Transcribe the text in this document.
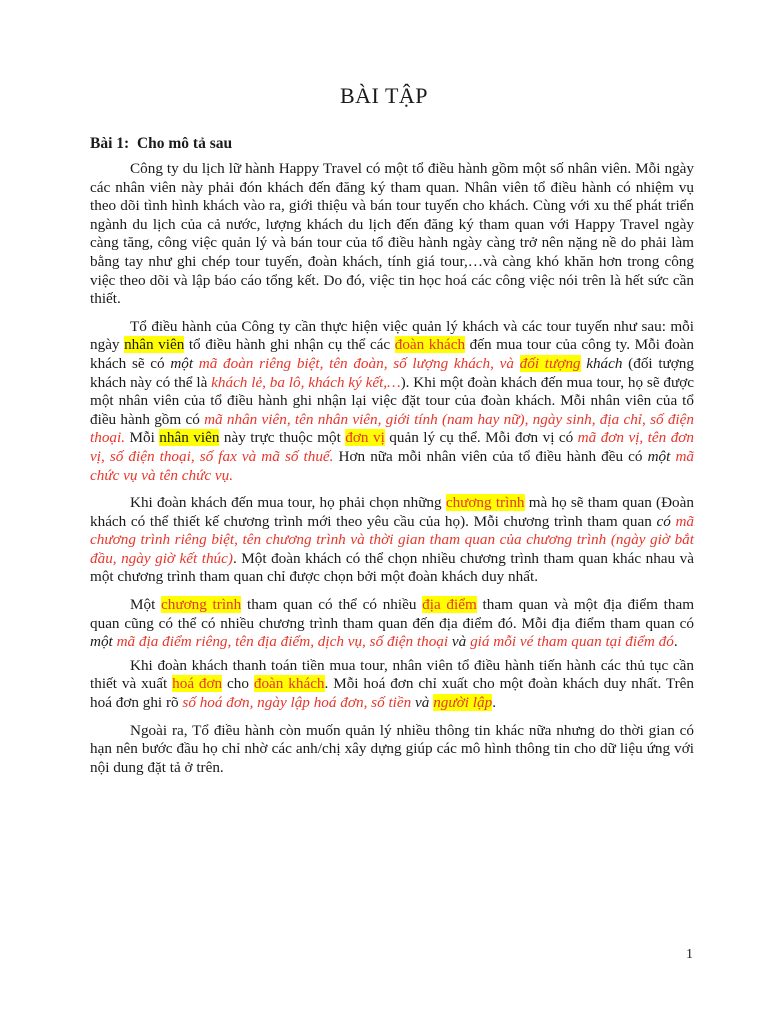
BÀI TẬP
Bài 1: Cho mô tả sau

Công ty du lịch lữ hành Happy Travel có một tổ điều hành gồm một số nhân viên. Mỗi ngày các nhân viên này phải đón khách đến đăng ký tham quan. Nhân viên tổ điều hành có nhiệm vụ theo dõi tình hình khách vào ra, giới thiệu và bán tour tuyến cho khách. Cùng với xu thế phát triển ngành du lịch của cả nước, lượng khách du lịch đến đăng ký tham quan với Happy Travel ngày càng tăng, công việc quản lý và bán tour của tổ điều hành ngày càng trở nên nặng nề do phải làm bằng tay như ghi chép tour tuyến, đoàn khách, tính giá tour,…và càng khó khăn hơn trong công việc theo dõi và lập báo cáo tổng kết. Do đó, việc tin học hoá các công việc nói trên là hết sức cần thiết.

Tổ điều hành của Công ty cần thực hiện việc quản lý khách và các tour tuyến như sau: mỗi ngày nhân viên tổ điều hành ghi nhận cụ thể các đoàn khách đến mua tour của công ty. Mỗi đoàn khách sẽ có một mã đoàn riêng biệt, tên đoàn, số lượng khách, và đối tượng khách (đối tượng khách này có thể là khách lẻ, ba lô, khách ký kết,…). Khi một đoàn khách đến mua tour, họ sẽ được một nhân viên của tổ điều hành ghi nhận lại việc đặt tour của đoàn khách. Mỗi nhân viên của tổ điều hành gồm có mã nhân viên, tên nhân viên, giới tính (nam hay nữ), ngày sinh, địa chỉ, số điện thoại. Mỗi nhân viên này trực thuộc một đơn vị quản lý cụ thể. Mỗi đơn vị có mã đơn vị, tên đơn vị, số điện thoại, số fax và mã số thuế. Hơn nữa mỗi nhân viên của tổ điều hành đều có một mã chức vụ và tên chức vụ.

Khi đoàn khách đến mua tour, họ phải chọn những chương trình mà họ sẽ tham quan (Đoàn khách có thể thiết kế chương trình mới theo yêu cầu của họ). Mỗi chương trình tham quan có mã chương trình riêng biệt, tên chương trình và thời gian tham quan của chương trình (ngày giờ bắt đầu, ngày giờ kết thúc). Một đoàn khách có thể chọn nhiều chương trình tham quan khác nhau và một chương trình tham quan chỉ được chọn bởi một đoàn khách duy nhất.

Một chương trình tham quan có thể có nhiều địa điểm tham quan và một địa điểm tham quan cũng có thể có nhiều chương trình tham quan đến địa điểm đó. Mỗi địa điểm tham quan có một mã địa điểm riêng, tên địa điểm, dịch vụ, số điện thoại và giá mỗi vé tham quan tại điểm đó.

Khi đoàn khách thanh toán tiền mua tour, nhân viên tổ điều hành tiến hành các thủ tục cần thiết và xuất hoá đơn cho đoàn khách. Mỗi hoá đơn chỉ xuất cho một đoàn khách duy nhất. Trên hoá đơn ghi rõ số hoá đơn, ngày lập hoá đơn, số tiền và người lập.

Ngoài ra, Tổ điều hành còn muốn quản lý nhiều thông tin khác nữa nhưng do thời gian có hạn nên bước đầu họ chỉ nhờ các anh/chị xây dựng giúp các mô hình thông tin cho dữ liệu ứng với nội dung đặt tả ở trên.

1
